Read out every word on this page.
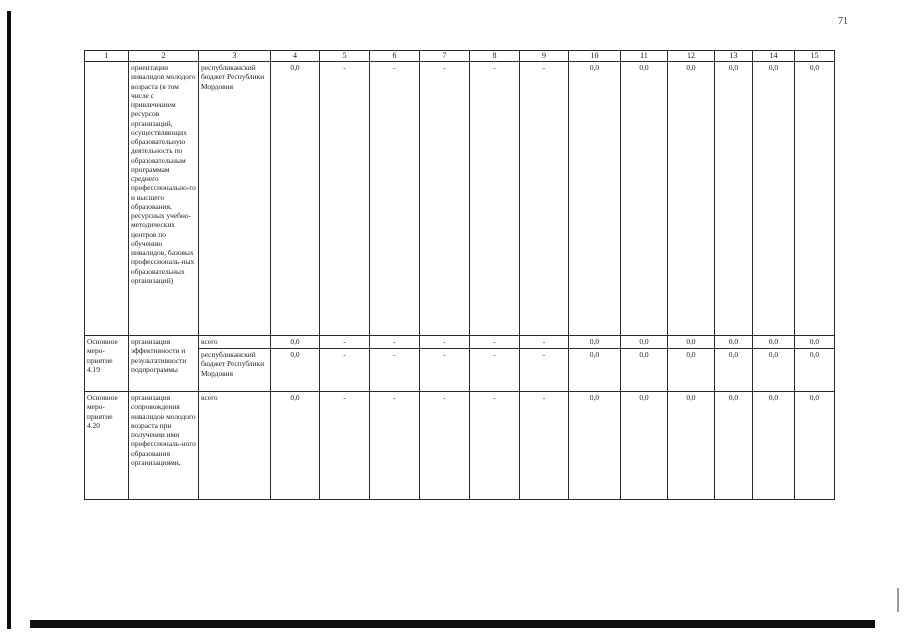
71
1	2	3	4	5	6	7	8	9	10	11	12	13	14	15
	ориентации инвалидов молодого возраста (в том числе с привлечением ресурсов организаций, осуществляющих образовательную деятельность по образовательным программам среднего профессионально-го и высшего образования, ресурсных учебно-методических центров по обучению инвалидов, базовых профессиональ-ных образовательных организаций)	республиканский бюджет Республики Мордовия	0,0	-	-	-	-	-	0,0	0,0	0,0	0,0	0,0	0,0
Основное меро-приятие 4.19	организация эффективности и результативности подпрограммы	всего	0,0	-	-	-	-	-	0,0	0,0	0,0	0,0	0,0	0,0
		республиканский бюджет Республики Мордовия	0,0	-	-	-	-	-	0,0	0,0	0,0	0,0	0,0	0,0
Основное меро-приятие 4.20	организация сопровождения инвалидов молодого возраста при получении ими профессиональ-ного образования организациями,	всего	0,0	-	-	-	-	-	0,0	0,0	0,0	0,0	0,0	0,0
